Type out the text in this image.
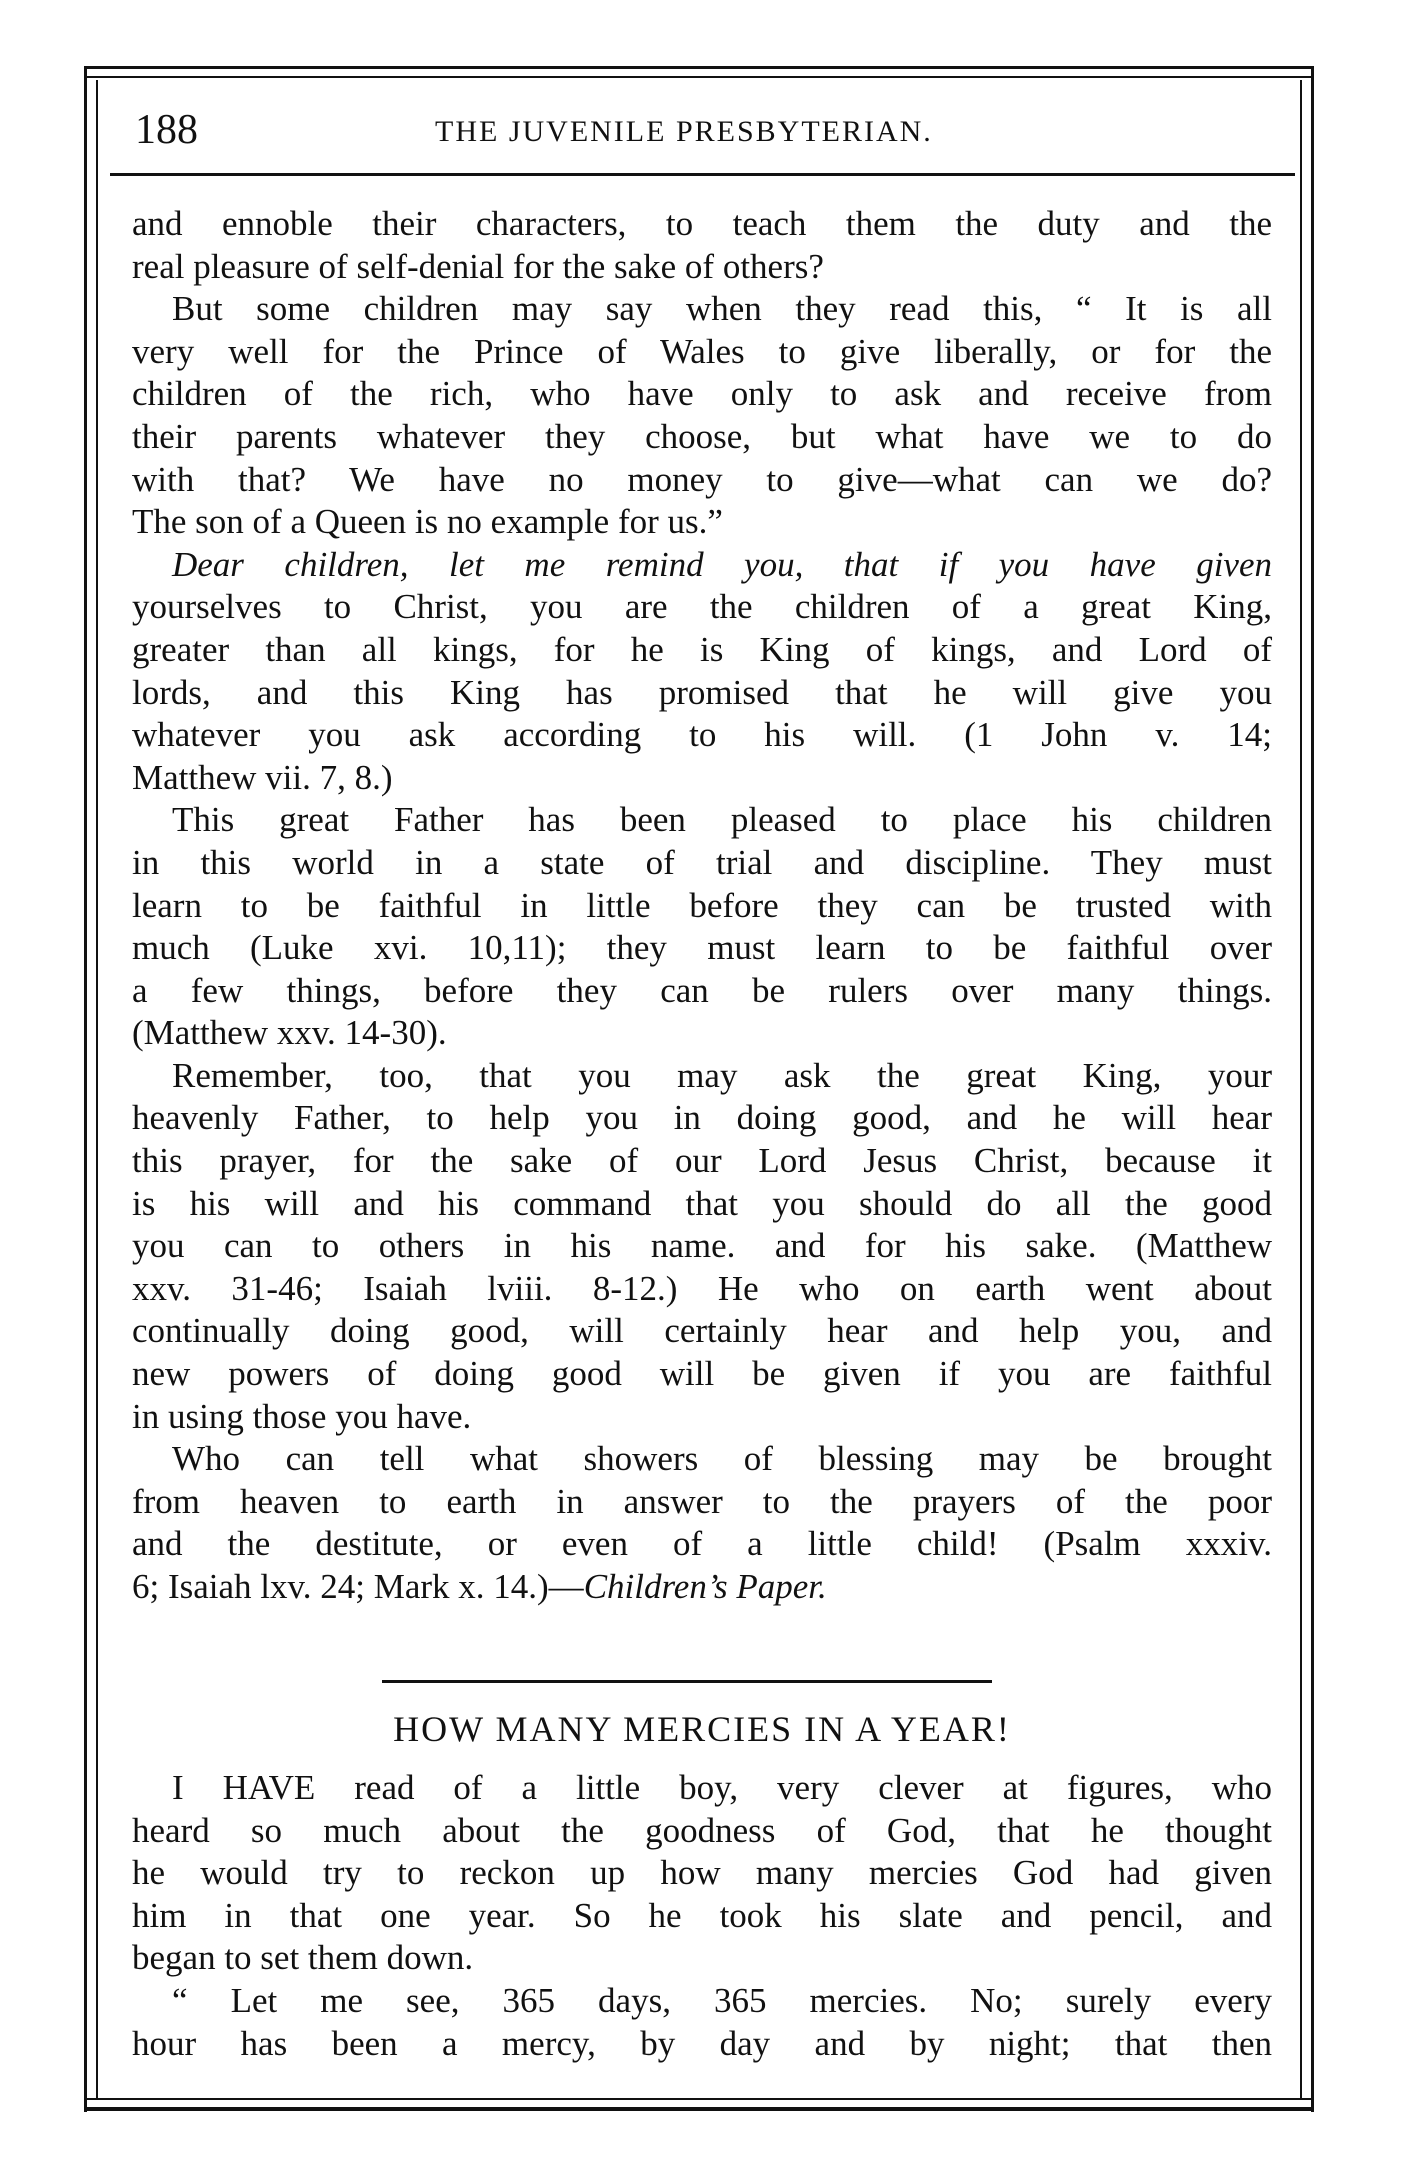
188	THE JUVENILE PRESBYTERIAN.
and ennoble their characters, to teach them the duty and the
real pleasure of self-denial for the sake of others?
But some children may say when they read this, “ It is all
very well for the Prince of Wales to give liberally, or for the
children of the rich, who have only to ask and receive from
their parents whatever they choose, but what have we to do
with that? We have no money to give—what can we do?
The son of a Queen is no example for us.”
Dear children, let me remind you, that if you have given
yourselves to Christ, you are the children of a great King,
greater than all kings, for he is King of kings, and Lord of
lords, and this King has promised that he will give you
whatever you ask according to his will. (1 John v. 14;
Matthew vii. 7, 8.)
This great Father has been pleased to place his children
in this world in a state of trial and discipline. They must
learn to be faithful in little before they can be trusted with
much (Luke xvi. 10,11); they must learn to be faithful over
a few things, before they can be rulers over many things.
(Matthew xxv. 14-30).
Remember, too, that you may ask the great King, your
heavenly Father, to help you in doing good, and he will hear
this prayer, for the sake of our Lord Jesus Christ, because it
is his will and his command that you should do all the good
you can to others in his name. and for his sake. (Matthew
xxv. 31-46; Isaiah lviii. 8-12.) He who on earth went about
continually doing good, will certainly hear and help you, and
new powers of doing good will be given if you are faithful
in using those you have.
Who can tell what showers of blessing may be brought
from heaven to earth in answer to the prayers of the poor
and the destitute, or even of a little child! (Psalm xxxiv.
6; Isaiah lxv. 24; Mark x. 14.)—Children’s Paper.
HOW MANY MERCIES IN A YEAR!
I HAVE read of a little boy, very clever at figures, who
heard so much about the goodness of God, that he thought
he would try to reckon up how many mercies God had given
him in that one year. So he took his slate and pencil, and
began to set them down.
“ Let me see, 365 days, 365 mercies. No; surely every
hour has been a mercy, by day and by night; that then
